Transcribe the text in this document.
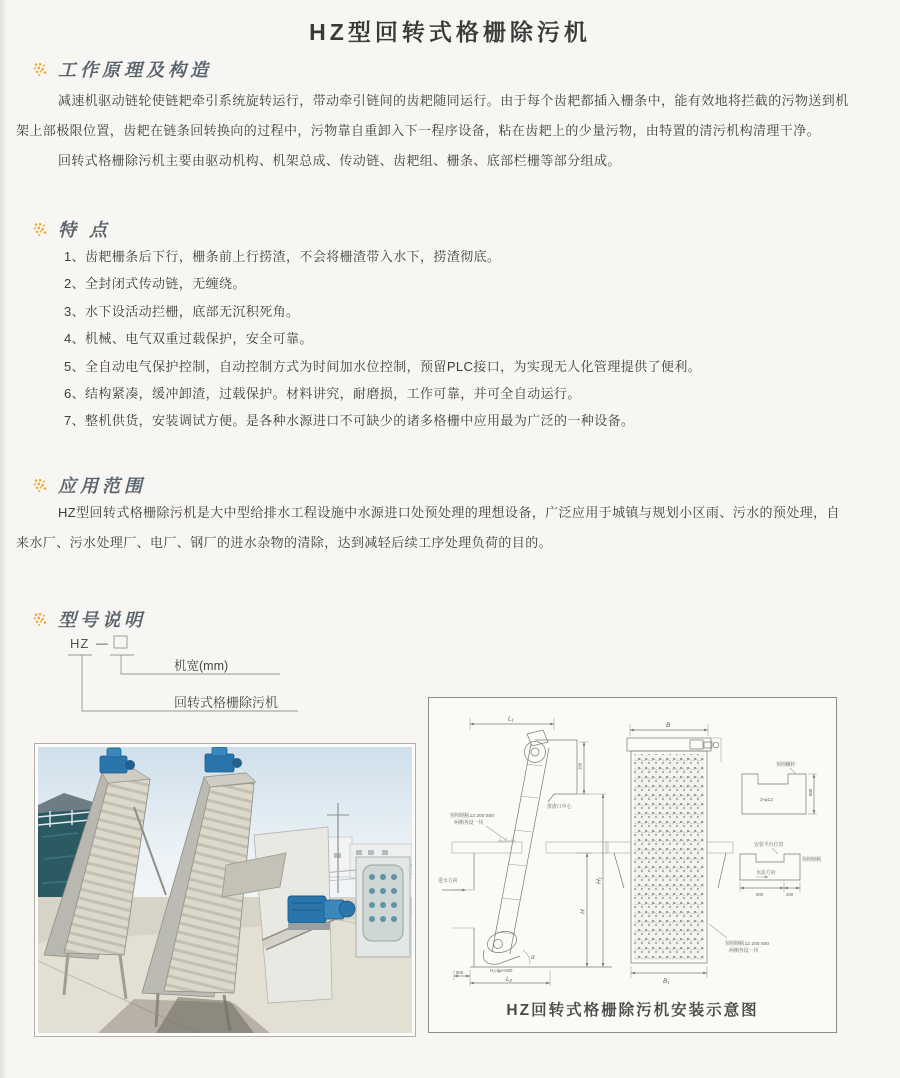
HZ型回转式格栅除污机
工作原理及构造

减速机驱动链轮使链耙牵引系统旋转运行，带动牵引链间的齿耙随同运行。由于每个齿耙都插入栅条中，能有效地将拦截的污物送到机架上部极限位置，齿耙在链条回转换向的过程中，污物靠自重卸入下一程序设备，粘在齿耙上的少量污物，由特置的清污机构清理干净。

回转式格栅除污机主要由驱动机构、机架总成、传动链、齿耙组、栅条、底部栏栅等部分组成。

特 点
1、齿耙栅条后下行，栅条前上行捞渣，不会将栅渣带入水下，捞渣彻底。
2、全封闭式传动链，无缠绕。
3、水下设活动拦栅，底部无沉积死角。
4、机械、电气双重过载保护，安全可靠。
5、全自动电气保护控制，自动控制方式为时间加水位控制，预留PLC接口，为实现无人化管理提供了便利。
6、结构紧凑，缓冲卸渣，过载保护。材料讲究，耐磨损，工作可靠，并可全自动运行。
7、整机供货，安装调试方便。是各种水源进口不可缺少的诸多格栅中应用最为广泛的一种设备。
应用范围

HZ型回转式格栅除污机是大中型给排水工程设施中水源进口处预处理的理想设备，广泛应用于城镇与规划小区雨、污水的预处理，自来水厂、污水处理厂、电厂、钢厂的进水杂物的清除，达到减轻后续工序处理负荷的目的。

型号说明
HZ —
机宽(mm)
回转式格栅除污机
L₁
150
排渣口中心
α
进水方向
预埋钢板12 200 500
两侧各设一块
H
H₁
500	H₁ctgα+600
L₂
B
B₁
预埋钢板12 200 500
两侧各设一块
预埋螺栓
3-φ12
600
安装平台位置
预埋钢板
水流方向
600	200
HZ回转式格栅除污机安装示意图
